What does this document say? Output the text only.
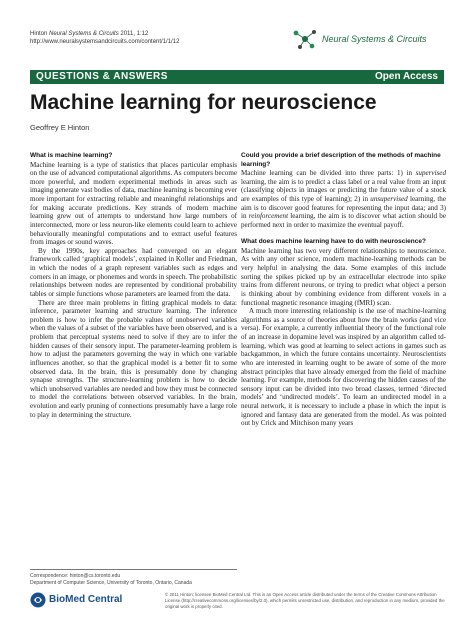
Hinton Neural Systems & Circuits 2011, 1:12
http://www.neuralsystemsandcircuits.com/content/1/1/12	Neural Systems & Circuits
QUESTIONS & ANSWERS	Open Access
Machine learning for neuroscience
Geoffrey E Hinton
What is machine learning?

Machine learning is a type of statistics that places particular emphasis on the use of advanced computational algorithms. As computers become more powerful, and modern experimental methods in areas such as imaging generate vast bodies of data, machine learning is becoming ever more important for extracting reliable and meaningful relationships and for making accurate predictions. Key strands of modern machine learning grew out of attempts to understand how large numbers of interconnected, more or less neuron-like elements could learn to achieve behaviourally meaningful computations and to extract useful features from images or sound waves.

By the 1990s, key approaches had converged on an elegant framework called ‘graphical models’, explained in Koller and Friedman, in which the nodes of a graph represent variables such as edges and corners in an image, or phonemes and words in speech. The probabilistic relationships between nodes are represented by conditional probability tables or simple functions whose parameters are learned from the data.

There are three main problems in fitting graphical models to data: inference, parameter learning and structure learning. The inference problem is how to infer the probable values of unobserved variables when the values of a subset of the variables have been observed, and is a problem that perceptual systems need to solve if they are to infer the hidden causes of their sensory input. The parameter-learning problem is how to adjust the parameters governing the way in which one variable influences another, so that the graphical model is a better fit to some observed data. In the brain, this is presumably done by changing synapse strengths. The structure-learning problem is how to decide which unobserved variables are needed and how they must be connected to model the correlations between observed variables. In the brain, evolution and early pruning of connections presumably have a large role to play in determining the structure.

Could you provide a brief description of the methods of machine learning?

Machine learning can be divided into three parts: 1) in supervised learning, the aim is to predict a class label or a real value from an input (classifying objects in images or predicting the future value of a stock are examples of this type of learning); 2) in unsupervised learning, the aim is to discover good features for representing the input data; and 3) in reinforcement learning, the aim is to discover what action should be performed next in order to maximize the eventual payoff.

What does machine learning have to do with neuroscience?

Machine learning has two very different relationships to neuroscience. As with any other science, modern machine-learning methods can be very helpful in analysing the data. Some examples of this include sorting the spikes picked up by an extracellular electrode into spike trains from different neurons, or trying to predict what object a person is thinking about by combining evidence from different voxels in a functional magnetic resonance imaging (fMRI) scan.

A much more interesting relationship is the use of machine-learning algorithms as a source of theories about how the brain works (and vice versa). For example, a currently influential theory of the functional role of an increase in dopamine level was inspired by an algorithm called td-learning, which was good at learning to select actions in games such as backgammon, in which the future contains uncertainty. Neuroscientists who are interested in learning ought to be aware of some of the more abstract principles that have already emerged from the field of machine learning. For example, methods for discovering the hidden causes of the sensory input can be divided into two broad classes, termed ‘directed models’ and ‘undirected models’. To learn an undirected model in a neural network, it is necessary to include a phase in which the input is ignored and fantasy data are generated from the model. As was pointed out by Crick and Mitchison many years

Correspondence: hinton@cs.toronto.edu
Department of Computer Science, University of Toronto, Ontario, Canada
BioMed Central	© 2011 Hinton; licensee BioMed Central Ltd. This is an Open Access article distributed under the terms of the Creative Commons Attribution License (http://creativecommons.org/licenses/by/2.0), which permits unrestricted use, distribution, and reproduction in any medium, provided the original work is properly cited.
